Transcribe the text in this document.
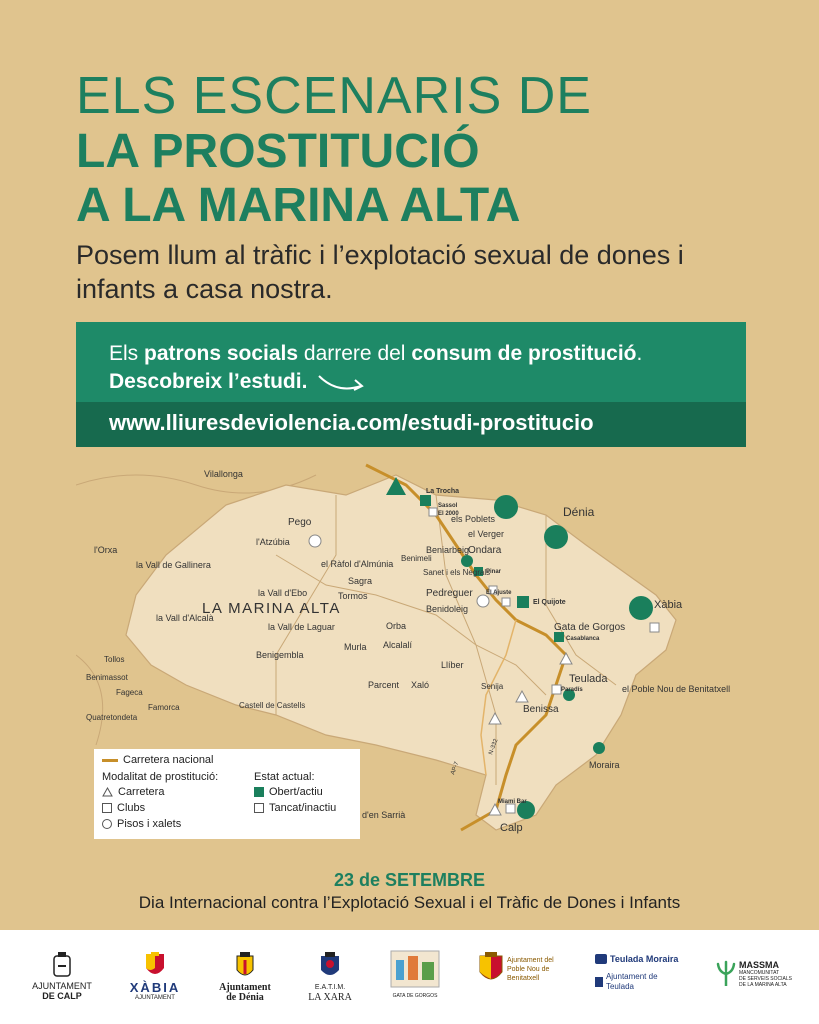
ELS ESCENARIS DE
LA PROSTITUCIÓ
A LA MARINA ALTA
Posem llum al tràfic i l’explotació sexual de dones i infants a casa nostra.
Els patrons socials darrere del consum de prostitució.
Descobreix l’estudi.
www.lliuresdeviolencia.com/estudi-prostitucio
Vilallonga
Pego
l'Atzúbia
l'Orxa
la Vall de Gallinera	el Ràfol d'Almúnia
Benimeli
Sagra
Tormos
la Vall d'Ebo
la Vall d'Alcalà
la Vall de Laguar
Benigembla
Murla
Orba
Alcalalí
Parcent Xaló
Tollos
Benimassot
Fageca
Famorca
Quatretondeta
Castell de Castells
Dénia
els Poblets
el Verger
Ondara
Beniarbeig
Sanet i els Negrals
Pedreguer
Benidoleig	Xàbia
Gata de Gorgos
Teulada
el Poble Nou de Benitatxell
Benissa
Llíber
Senija
Moraira
Calp
d'en Sarrià
La Trocha
Sassol
El 2000
Pinar
El Quijote
El Ajuste
Casablanca
Paradís
Miami Bar
N-332
AP-7
LA MARINA ALTA
Carretera nacional
Modalitat de prostitució:
Carretera
Clubs
Pisos i xalets
Estat actual:
Obert/actiu
Tancat/inactiu
23 de SETEMBRE
Dia Internacional contra l’Explotació Sexual i el Tràfic de Dones i Infants
AJUNTAMENT
DE CALP
XÀBIA
AJUNTAMENT
Ajuntament
de Dénia
E.A.T.I.M.
LA XARA	GATA DE GORGOS
Ajuntament del
Poble Nou de
Benitatxell
Teulada Moraira
Ajuntament de Teulada
MASSMA
MANCOMUNITAT
DE SERVEIS SOCIALS
DE LA MARINA ALTA
